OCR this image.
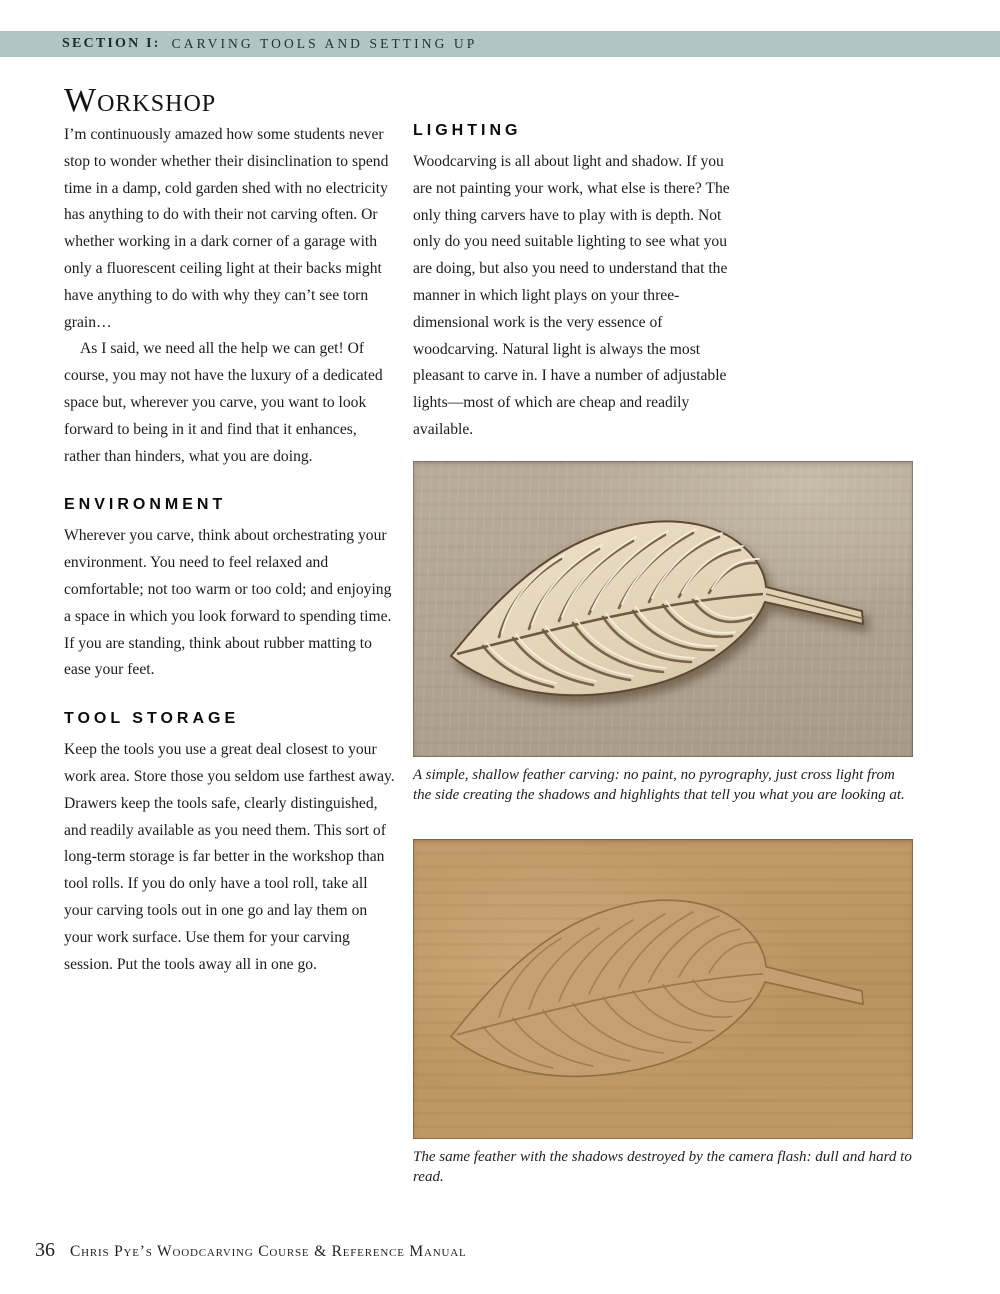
SECTION I: CARVING TOOLS AND SETTING UP
Workshop

I’m continuously amazed how some students never stop to wonder whether their disinclination to spend time in a damp, cold garden shed with no electricity has anything to do with their not carving often. Or whether working in a dark corner of a garage with only a fluorescent ceiling light at their backs might have anything to do with why they can’t see torn grain…

As I said, we need all the help we can get! Of course, you may not have the luxury of a dedicated space but, wherever you carve, you want to look forward to being in it and find that it enhances, rather than hinders, what you are doing.

ENVIRONMENT

Wherever you carve, think about orchestrating your environment. You need to feel relaxed and comfortable; not too warm or too cold; and enjoying a space in which you look forward to spending time. If you are standing, think about rubber matting to ease your feet.

TOOL STORAGE

Keep the tools you use a great deal closest to your work area. Store those you seldom use farthest away. Drawers keep the tools safe, clearly distinguished, and readily available as you need them. This sort of long-term storage is far better in the workshop than tool rolls. If you do only have a tool roll, take all your carving tools out in one go and lay them on your work surface. Use them for your carving session. Put the tools away all in one go.

LIGHTING

Woodcarving is all about light and shadow. If you are not painting your work, what else is there? The only thing carvers have to play with is depth. Not only do you need suitable lighting to see what you are doing, but also you need to understand that the manner in which light plays on your three-dimensional work is the very essence of woodcarving. Natural light is always the most pleasant to carve in. I have a number of adjustable lights—most of which are cheap and readily available.

A simple, shallow feather carving: no paint, no pyrography, just cross light from the side creating the shadows and highlights that tell you what you are looking at.
The same feather with the shadows destroyed by the camera flash: dull and hard to read.
36 Chris Pye’s Woodcarving Course & Reference Manual
